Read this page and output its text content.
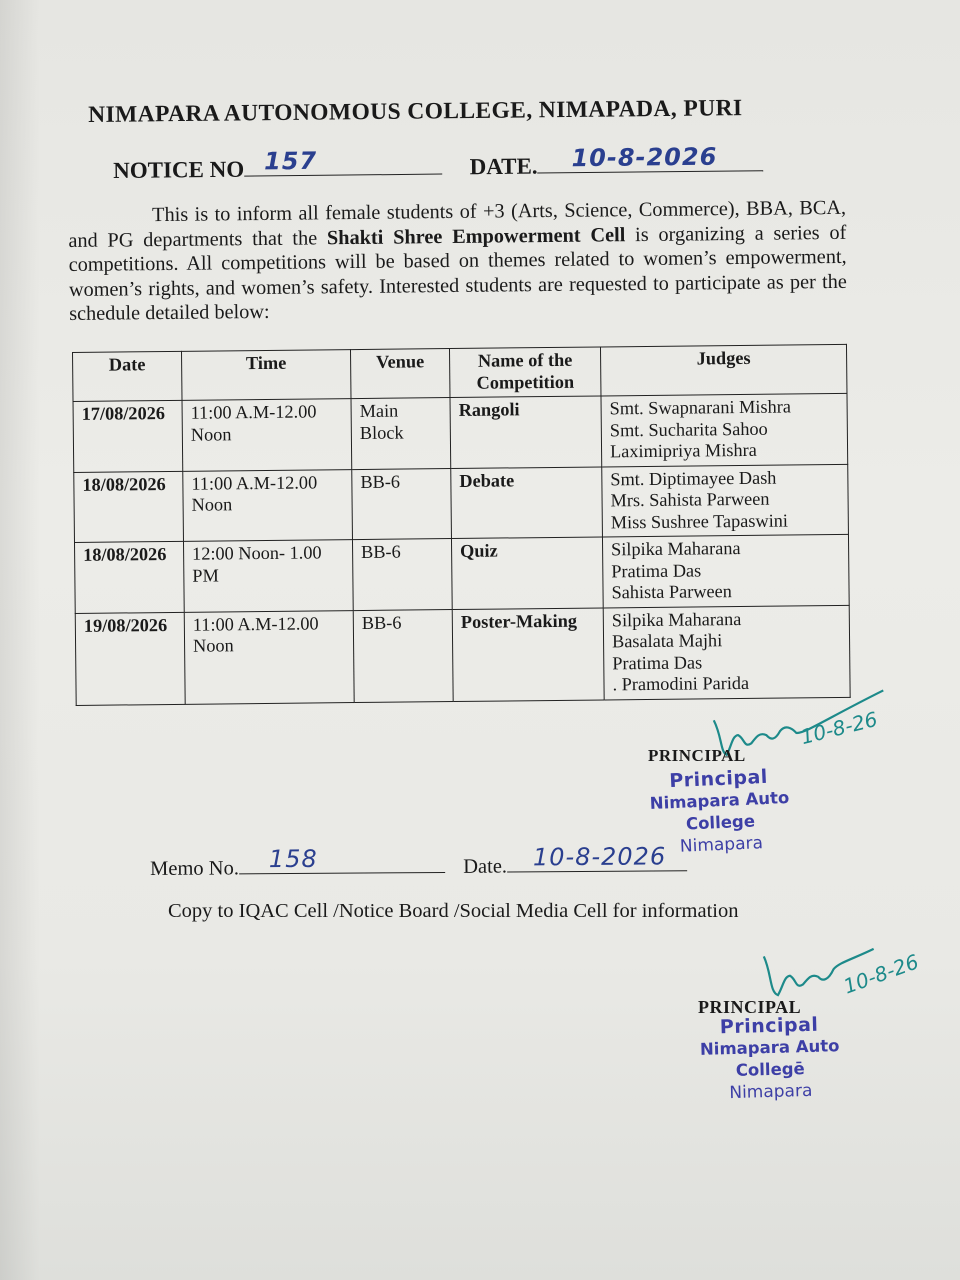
NIMAPARA AUTONOMOUS COLLEGE, NIMAPADA, PURI
NOTICE NO 157	DATE. 10-8-2026
This is to inform all female students of +3 (Arts, Science, Commerce), BBA, BCA, and PG departments that the Shakti Shree Empowerment Cell is organizing a series of competitions. All competitions will be based on themes related to women’s empowerment, women’s rights, and women’s safety. Interested students are requested to participate as per the schedule detailed below:
Date	Time	Venue	Name of the Competition	Judges
17/08/2026	11:00 A.M-12.00 Noon	Main Block	Rangoli	Smt. Swapnarani Mishra
Smt. Sucharita Sahoo
Laximipriya Mishra

18/08/2026	11:00 A.M-12.00 Noon	BB-6	Debate	Smt. Diptimayee Dash
Mrs. Sahista Parween
Miss Sushree Tapaswini

18/08/2026	12:00 Noon- 1.00 PM	BB-6	Quiz	Silpika Maharana
Pratima Das
Sahista Parween

19/08/2026	11:00 A.M-12.00 Noon	BB-6	Poster-Making	Silpika Maharana
Basalata Majhi
Pratima Das
. Pramodini Parida
10-8-26
PRINCIPAL
Principal
Nimapara Auto College
Nimapara
Memo No. 158	Date. 10-8-2026
Copy to IQAC Cell /Notice Board /Social Media Cell for information
10-8-26
PRINCIPAL
Principal
Nimapara Auto Collegē
Nimapara
